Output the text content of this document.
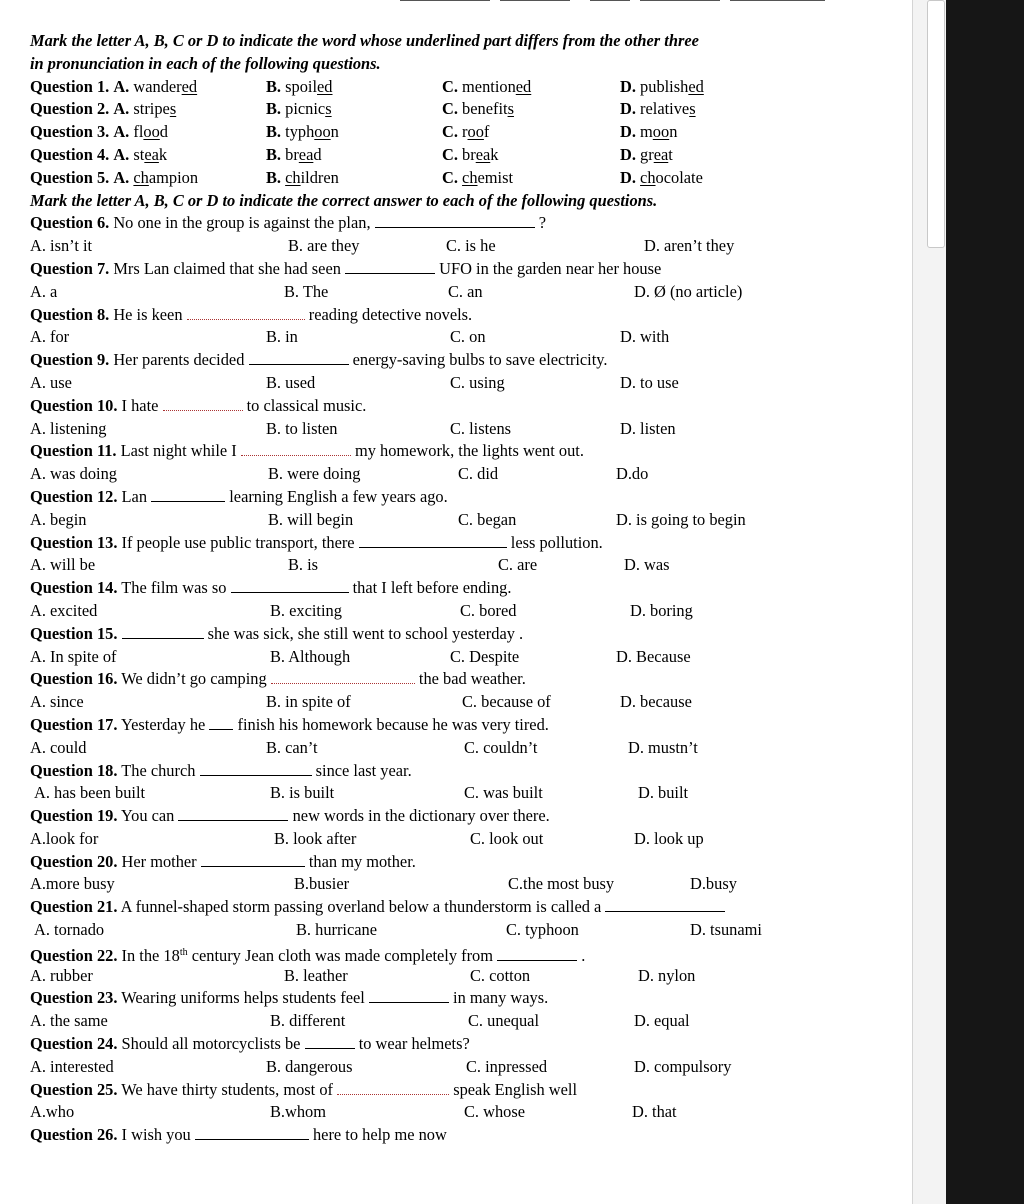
Mark the letter A, B, C or D to indicate the word whose underlined part differs from the other three
in pronunciation in each of the following questions.
Question 1. A. wandered	B. spoiled	C. mentioned	D. published
Question 2. A. stripes	B. picnics	C. benefits	D. relatives
Question 3. A. flood	B. typhoon	C. roof	D. moon
Question 4. A. steak	B. bread	C. break	D. great
Question 5. A. champion	B. children	C. chemist	D. chocolate
Mark the letter A, B, C or D to indicate the correct answer to each of the following questions.
Question 6. No one in the group is against the plan,	?
A. isn’t it	B. are they	C. is he	D. aren’t they
Question 7. Mrs Lan claimed that she had seen	UFO in the garden near her house
A. a	B. The	C. an	D. Ø (no article)
Question 8. He is keen	reading detective novels.
A. for	B. in	C. on	D. with
Question 9. Her parents decided	energy-saving bulbs to save electricity.
A. use	B. used	C. using	D. to use
Question 10. I hate	to classical music.
A. listening	B. to listen	C. listens	D. listen
Question 11. Last night while I	my homework, the lights went out.
A. was doing	B. were doing	C. did	D.do
Question 12. Lan	learning English a few years ago.
A. begin	B. will begin	C. began	D. is going to begin
Question 13. If people use public transport, there	less pollution.
A. will be	B. is	C. are	D. was
Question 14. The film was so	that I left before ending.
A. excited	B. exciting	C. bored	D. boring
Question 15.	she was sick, she still went to school yesterday .
A. In spite of	B. Although	C. Despite	D. Because
Question 16. We didn’t go camping	the bad weather.
A. since	B. in spite of	C. because of	D. because
Question 17. Yesterday he finish his homework because he was very tired.
A. could	B. can’t	C. couldn’t	D. mustn’t
Question 18. The church	since last year.
A. has been built	B. is built	C. was built	D. built
Question 19. You can	new words in the dictionary over there.
A.look for	B. look after	C. look out	D. look up
Question 20. Her mother	than my mother.
A.more busy	B.busier	C.the most busy	D.busy
Question 21. A funnel-shaped storm passing overland below a thunderstorm is called a
A. tornado	B. hurricane	C. typhoon	D. tsunami
Question 22. In the 18th century Jean cloth was made completely from	.
A. rubber	B. leather	C. cotton	D. nylon
Question 23. Wearing uniforms helps students feel	in many ways.
A. the same	B. different	C. unequal	D. equal
Question 24. Should all motorcyclists be	to wear helmets?
A. interested	B. dangerous	C. inpressed	D. compulsory
Question 25. We have thirty students, most of	speak English well
A.who	B.whom	C. whose	D. that
Question 26. I wish you	here to help me now
